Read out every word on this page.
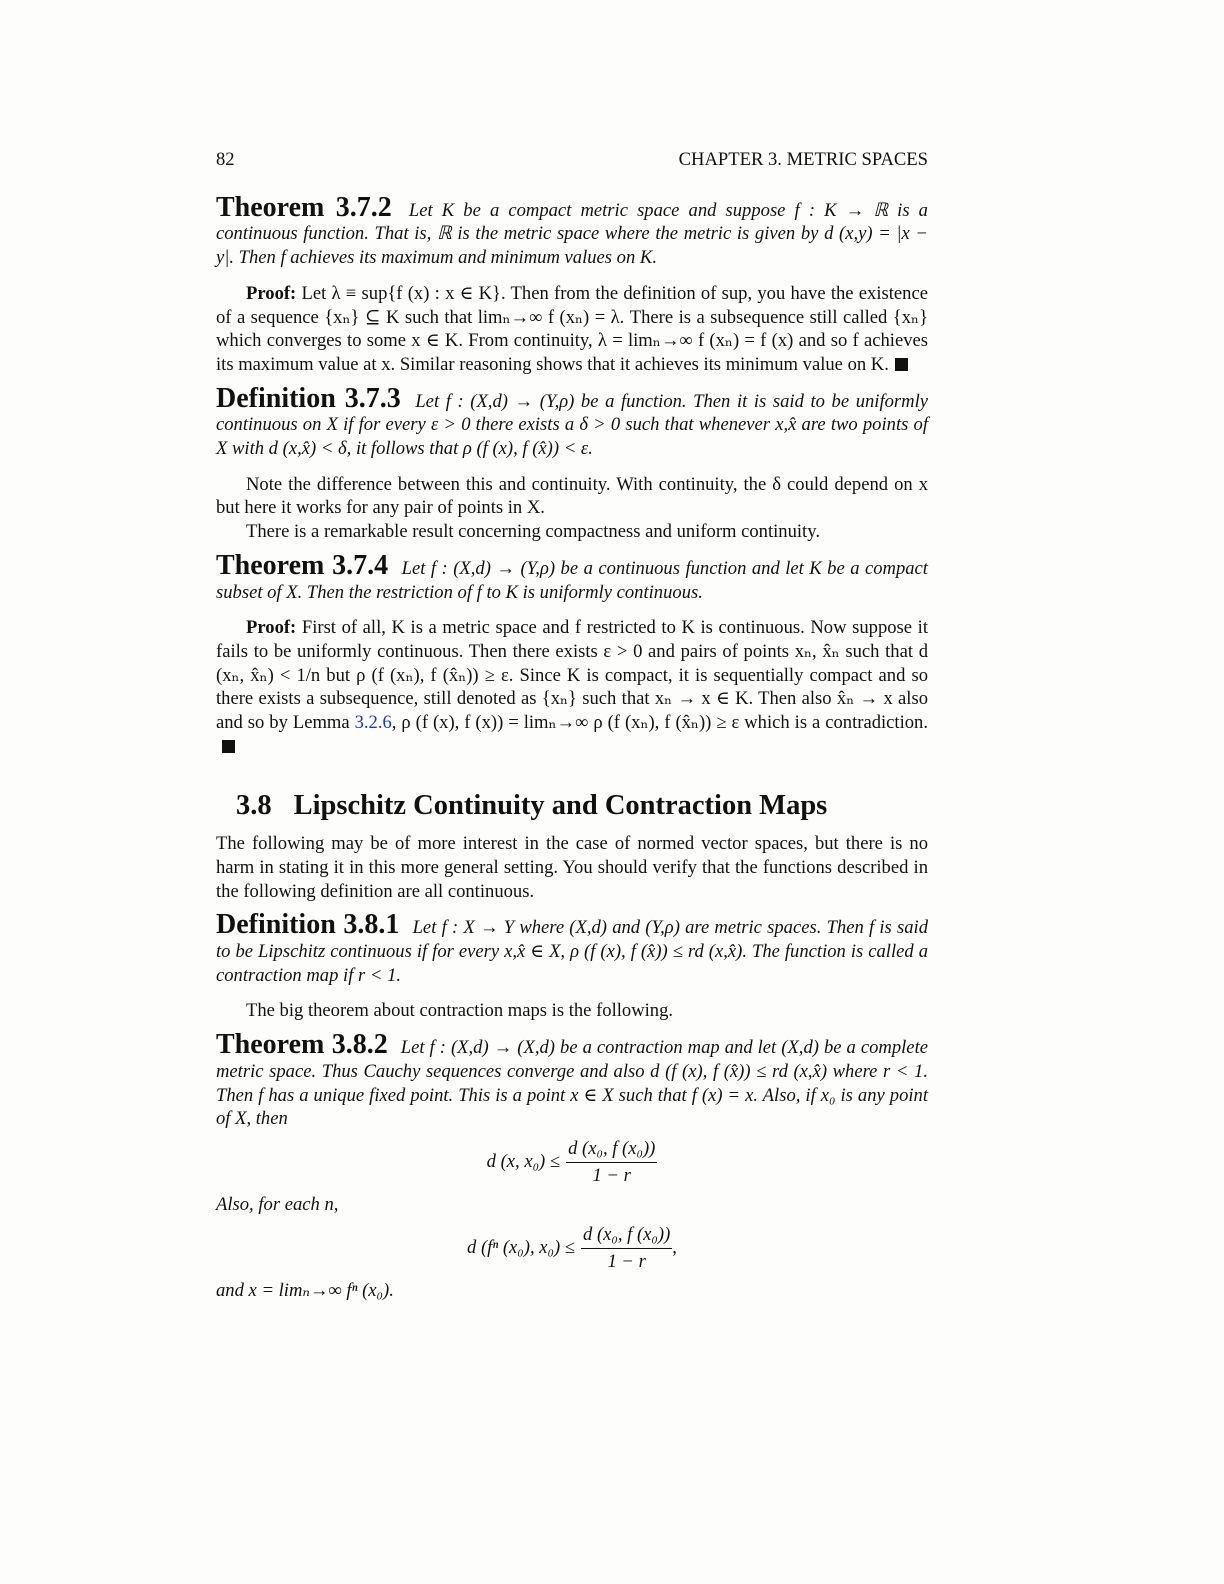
82	CHAPTER 3. METRIC SPACES
Theorem 3.7.2 Let K be a compact metric space and suppose f : K → ℝ is a continuous function. That is, ℝ is the metric space where the metric is given by d (x,y) = |x − y|. Then f achieves its maximum and minimum values on K.

Proof: Let λ ≡ sup{f (x) : x ∈ K}. Then from the definition of sup, you have the existence of a sequence {xₙ} ⊆ K such that limₙ→∞ f (xₙ) = λ. There is a subsequence still called {xₙ} which converges to some x ∈ K. From continuity, λ = limₙ→∞ f (xₙ) = f (x) and so f achieves its maximum value at x. Similar reasoning shows that it achieves its minimum value on K.

Definition 3.7.3 Let f : (X,d) → (Y,ρ) be a function. Then it is said to be uniformly continuous on X if for every ε > 0 there exists a δ > 0 such that whenever x,x̂ are two points of X with d (x,x̂) < δ, it follows that ρ (f (x), f (x̂)) < ε.

Note the difference between this and continuity. With continuity, the δ could depend on x but here it works for any pair of points in X.

There is a remarkable result concerning compactness and uniform continuity.

Theorem 3.7.4 Let f : (X,d) → (Y,ρ) be a continuous function and let K be a compact subset of X. Then the restriction of f to K is uniformly continuous.

Proof: First of all, K is a metric space and f restricted to K is continuous. Now suppose it fails to be uniformly continuous. Then there exists ε > 0 and pairs of points xₙ, x̂ₙ such that d (xₙ, x̂ₙ) < 1/n but ρ (f (xₙ), f (x̂ₙ)) ≥ ε. Since K is compact, it is sequentially compact and so there exists a subsequence, still denoted as {xₙ} such that xₙ → x ∈ K. Then also x̂ₙ → x also and so by Lemma 3.2.6, ρ (f (x), f (x)) = limₙ→∞ ρ (f (xₙ), f (x̂ₙ)) ≥ ε which is a contradiction.

3.8 Lipschitz Continuity and Contraction Maps

The following may be of more interest in the case of normed vector spaces, but there is no harm in stating it in this more general setting. You should verify that the functions described in the following definition are all continuous.

Definition 3.8.1 Let f : X → Y where (X,d) and (Y,ρ) are metric spaces. Then f is said to be Lipschitz continuous if for every x,x̂ ∈ X, ρ (f (x), f (x̂)) ≤ rd (x,x̂). The function is called a contraction map if r < 1.

The big theorem about contraction maps is the following.

Theorem 3.8.2 Let f : (X,d) → (X,d) be a contraction map and let (X,d) be a complete metric space. Thus Cauchy sequences converge and also d (f (x), f (x̂)) ≤ rd (x,x̂) where r < 1. Then f has a unique fixed point. This is a point x ∈ X such that f (x) = x. Also, if x₀ is any point of X, then
d (x, $x_0) \le \frac{\text{d (x₀, f (x₀))}}{1 - r}$

Also, for each n,

d (fⁿ (x₀), $x_0) \le \frac{\text{d (x₀, f (x₀))}}{1 - r}$ ,

and x = limₙ→∞ fⁿ (x₀).
